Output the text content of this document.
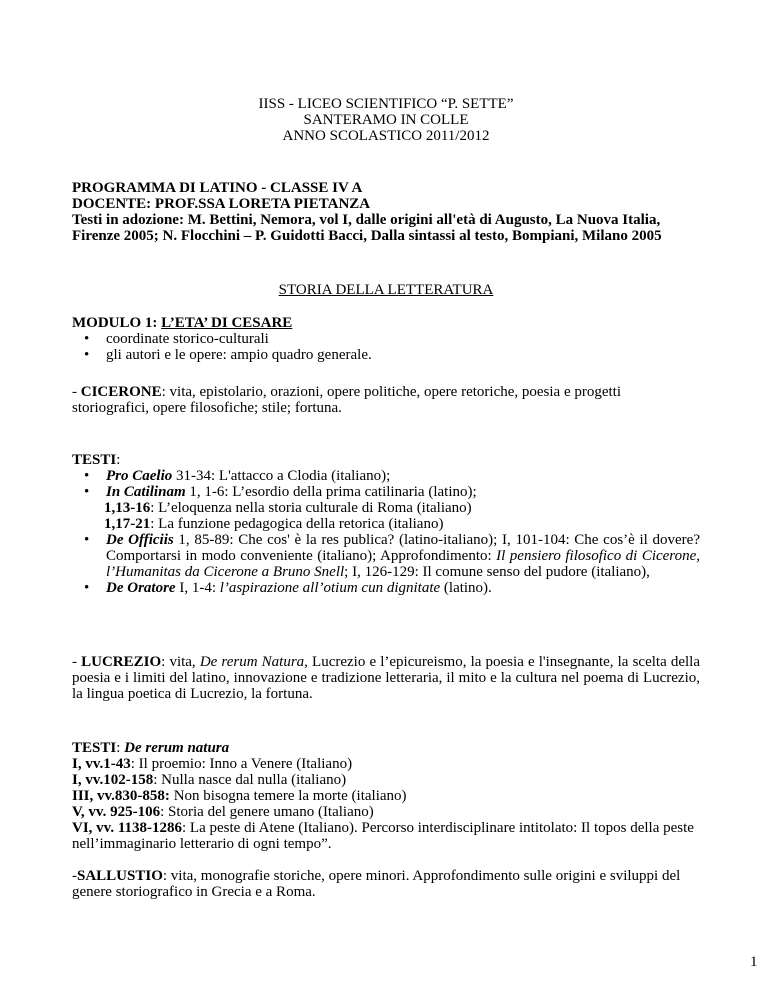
IISS - LICEO SCIENTIFICO “P. SETTE”
SANTERAMO IN COLLE
ANNO SCOLASTICO 2011/2012
PROGRAMMA DI LATINO - CLASSE IV A
DOCENTE: PROF.SSA LORETA PIETANZA
Testi in adozione: M. Bettini, Nemora, vol I, dalle origini all'età di Augusto, La Nuova Italia,
Firenze 2005; N. Flocchini – P. Guidotti Bacci, Dalla sintassi al testo, Bompiani, Milano 2005
STORIA DELLA LETTERATURA
MODULO 1: L’ETA’ DI CESARE
• coordinate storico-culturali
• gli autori e le opere: ampio quadro generale.
- CICERONE: vita, epistolario, orazioni, opere politiche, opere retoriche, poesia e progetti storiografici, opere filosofiche; stile; fortuna.
TESTI:
• Pro Caelio 31-34: L'attacco a Clodia (italiano);
• In Catilinam 1, 1-6: L’esordio della prima catilinaria (latino);
1,13-16: L’eloquenza nella storia culturale di Roma (italiano)
1,17-21: La funzione pedagogica della retorica (italiano)
• De Officiis 1, 85-89: Che cos' è la res publica? (latino-italiano); I, 101-104: Che cos’è il dovere? Comportarsi in modo conveniente (italiano); Approfondimento: Il pensiero filosofico di Cicerone, l’Humanitas da Cicerone a Bruno Snell; I, 126-129: Il comune senso del pudore (italiano),
• De Oratore I, 1-4: l’aspirazione all’otium cun dignitate (latino).
- LUCREZIO: vita, De rerum Natura, Lucrezio e l’epicureismo, la poesia e l'insegnante, la scelta della poesia e i limiti del latino, innovazione e tradizione letteraria, il mito e la cultura nel poema di Lucrezio, la lingua poetica di Lucrezio, la fortuna.
TESTI: De rerum natura
I, vv.1-43: Il proemio: Inno a Venere (Italiano)
I, vv.102-158: Nulla nasce dal nulla (italiano)
III, vv.830-858: Non bisogna temere la morte (italiano)
V, vv. 925-106: Storia del genere umano (Italiano)
VI, vv. 1138-1286: La peste di Atene (Italiano). Percorso interdisciplinare intitolato: Il topos della peste nell’immaginario letterario di ogni tempo”.
-SALLUSTIO: vita, monografie storiche, opere minori. Approfondimento sulle origini e sviluppi del genere storiografico in Grecia e a Roma.
1
